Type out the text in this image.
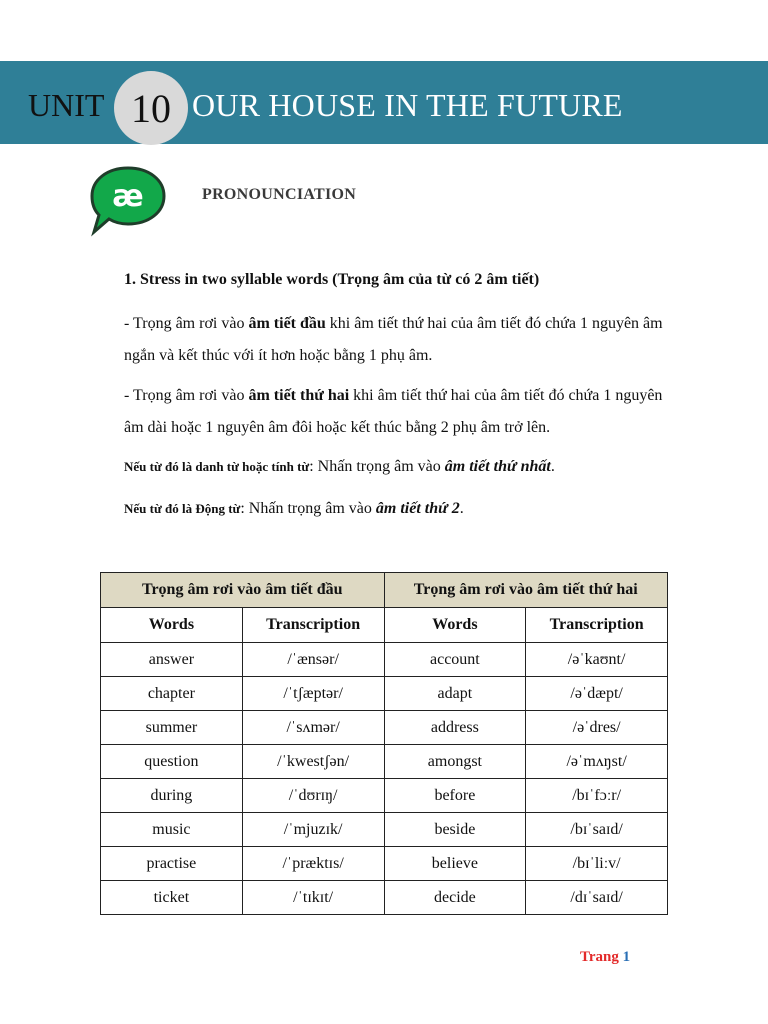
UNIT 10 OUR HOUSE IN THE FUTURE
æ	PRONOUNCIATION
1. Stress in two syllable words (Trọng âm của từ có 2 âm tiết)
- Trọng âm rơi vào âm tiết đầu khi âm tiết thứ hai của âm tiết đó chứa 1 nguyên âm ngắn và kết thúc với ít hơn hoặc bằng 1 phụ âm.
- Trọng âm rơi vào âm tiết thứ hai khi âm tiết thứ hai của âm tiết đó chứa 1 nguyên âm dài hoặc 1 nguyên âm đôi hoặc kết thúc bằng 2 phụ âm trở lên.
Nếu từ đó là danh từ hoặc tính từ: Nhấn trọng âm vào âm tiết thứ nhất.
Nếu từ đó là Động từ: Nhấn trọng âm vào âm tiết thứ 2.
Trọng âm rơi vào âm tiết đầu		Trọng âm rơi vào âm tiết thứ hai	
Words	Transcription	Words	Transcription
answer	/ˈænsər/	account	/əˈkaʊnt/
chapter	/ˈtʃæptər/	adapt	/əˈdæpt/
summer	/ˈsʌmər/	address	/əˈdres/
question	/ˈkwestʃən/	amongst	/əˈmʌŋst/
during	/ˈdʊrɪŋ/	before	/bɪˈfɔːr/
music	/ˈmjuzɪk/	beside	/bɪˈsaɪd/
practise	/ˈpræktɪs/	believe	/bɪˈliːv/
ticket	/ˈtɪkɪt/	decide	/dɪˈsaɪd/
Trang 1
